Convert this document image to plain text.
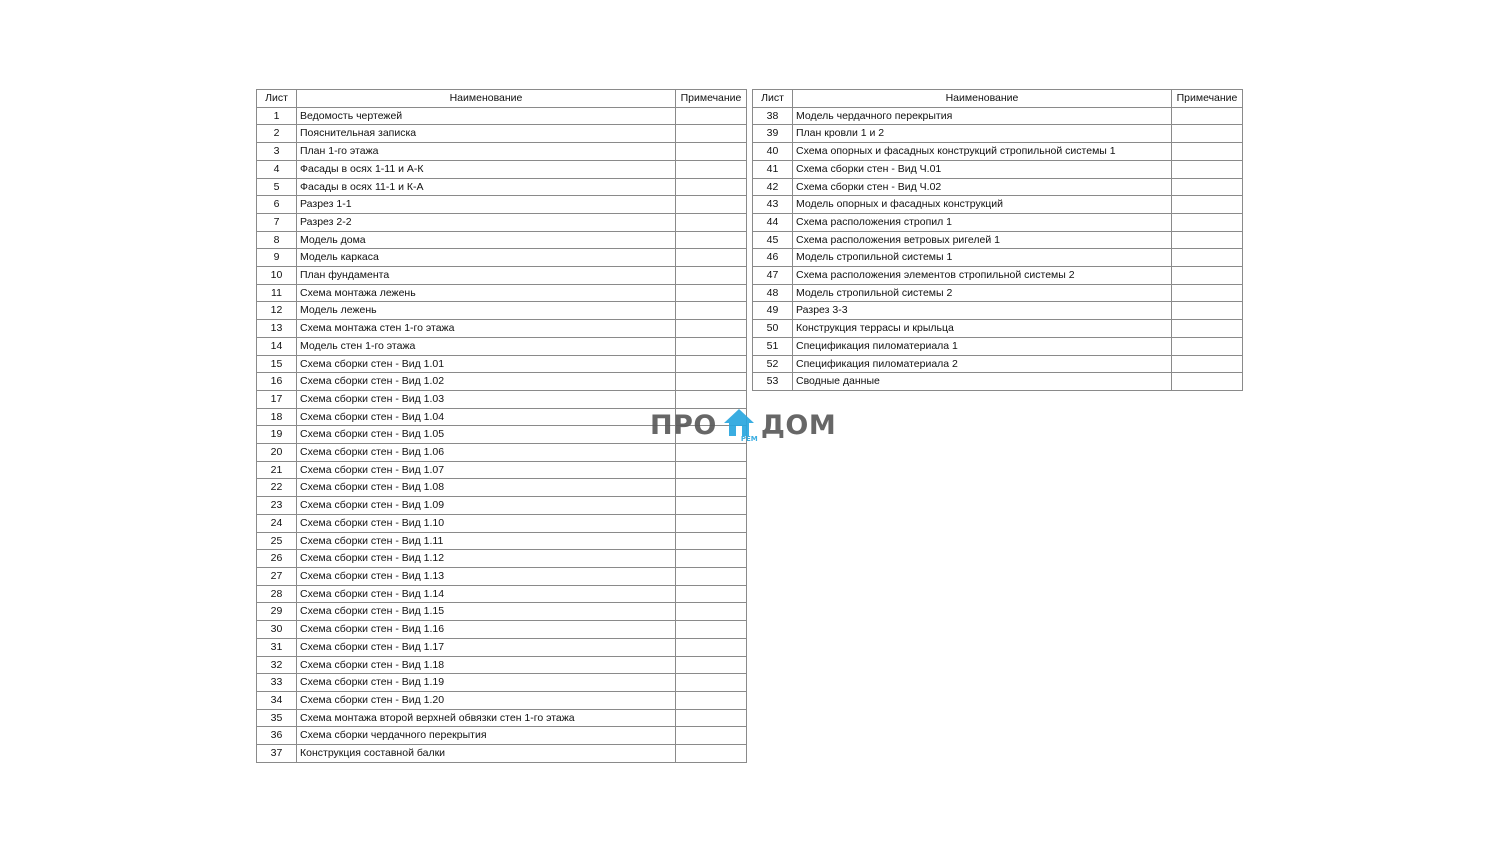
Лист	Наименование	Примечание
1	Ведомость чертежей	
2	Пояснительная записка	
3	План 1-го этажа	
4	Фасады в осях 1-11 и А-К	
5	Фасады в осях 11-1 и К-А	
6	Разрез 1-1	
7	Разрез 2-2	
8	Модель дома	
9	Модель каркаса	
10	План фундамента	
11	Схема монтажа лежень	
12	Модель лежень	
13	Схема монтажа стен 1-го этажа	
14	Модель стен 1-го этажа	
15	Схема сборки стен - Вид 1.01	
16	Схема сборки стен - Вид 1.02	
17	Схема сборки стен - Вид 1.03	
18	Схема сборки стен - Вид 1.04	
19	Схема сборки стен - Вид 1.05	
20	Схема сборки стен - Вид 1.06	
21	Схема сборки стен - Вид 1.07	
22	Схема сборки стен - Вид 1.08	
23	Схема сборки стен - Вид 1.09	
24	Схема сборки стен - Вид 1.10	
25	Схема сборки стен - Вид 1.11	
26	Схема сборки стен - Вид 1.12	
27	Схема сборки стен - Вид 1.13	
28	Схема сборки стен - Вид 1.14	
29	Схема сборки стен - Вид 1.15	
30	Схема сборки стен - Вид 1.16	
31	Схема сборки стен - Вид 1.17	
32	Схема сборки стен - Вид 1.18	
33	Схема сборки стен - Вид 1.19	
34	Схема сборки стен - Вид 1.20	
35	Схема монтажа второй верхней обвязки стен 1-го этажа	
36	Схема сборки чердачного перекрытия	
37	Конструкция составной балки	
Лист	Наименование	Примечание
38	Модель чердачного перекрытия	
39	План кровли 1 и 2	
40	Схема опорных и фасадных конструкций стропильной системы 1	
41	Схема сборки стен - Вид Ч.01	
42	Схема сборки стен - Вид Ч.02	
43	Модель опорных и фасадных конструкций	
44	Схема расположения стропил 1	
45	Схема расположения ветровых ригелей 1	
46	Модель стропильной системы 1	
47	Схема расположения элементов стропильной системы 2	
48	Модель стропильной системы 2	
49	Разрез 3-3	
50	Конструкция террасы и крыльца	
51	Спецификация пиломатериала 1	
52	Спецификация пиломатериала 2	
53	Сводные данные	
ПРО	PEM ДОМ
